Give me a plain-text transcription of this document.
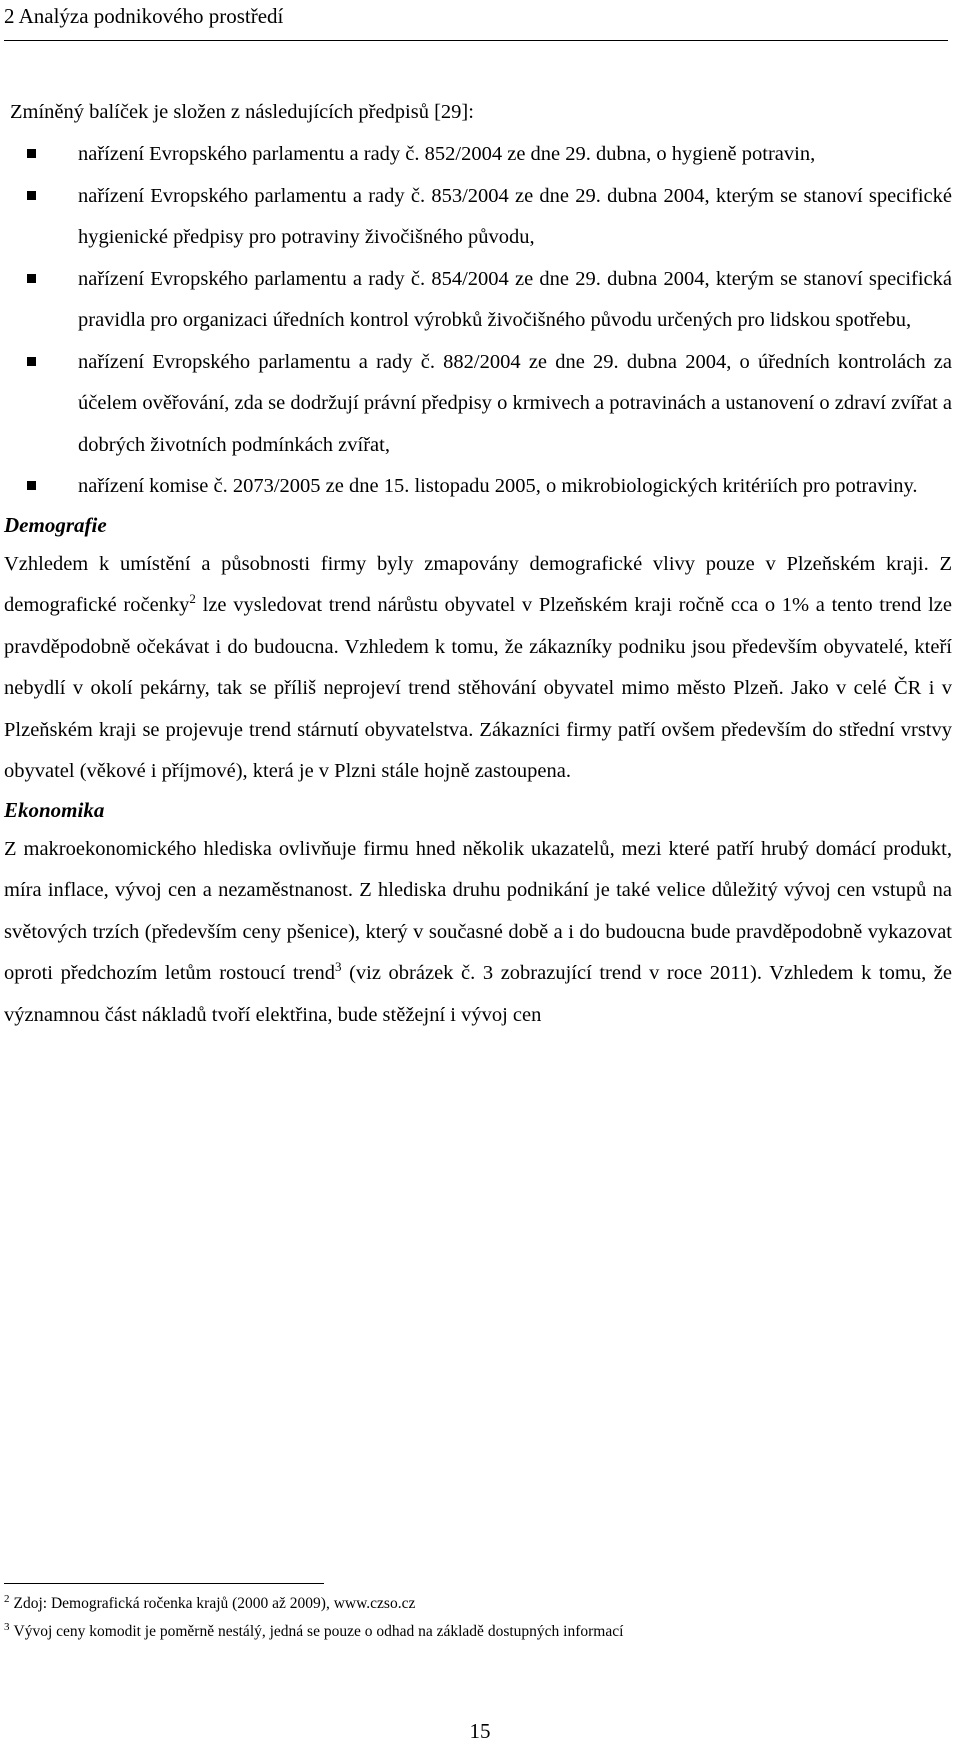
2 Analýza podnikového prostředí

Zmíněný balíček je složen z následujících předpisů [29]:

nařízení Evropského parlamentu a rady č. 852/2004 ze dne 29. dubna, o hygieně potravin,
nařízení Evropského parlamentu a rady č. 853/2004 ze dne 29. dubna 2004, kterým se stanoví specifické hygienické předpisy pro potraviny živočišného původu,
nařízení Evropského parlamentu a rady č. 854/2004 ze dne 29. dubna 2004, kterým se stanoví specifická pravidla pro organizaci úředních kontrol výrobků živočišného původu určených pro lidskou spotřebu,
nařízení Evropského parlamentu a rady č. 882/2004 ze dne 29. dubna 2004, o úředních kontrolách za účelem ověřování, zda se dodržují právní předpisy o krmivech a potravinách a ustanovení o zdraví zvířat a dobrých životních podmínkách zvířat,
nařízení komise č. 2073/2005 ze dne 15. listopadu 2005, o mikrobiologických kritériích pro potraviny.
Demografie

Vzhledem k umístění a působnosti firmy byly zmapovány demografické vlivy pouze v Plzeňském kraji. Z demografické ročenky$^2$ lze vysledovat trend nárůstu obyvatel v Plzeňském kraji ročně cca o 1% a tento trend lze pravděpodobně očekávat i do budoucna. Vzhledem k tomu, že zákazníky podniku jsou především obyvatelé, kteří nebydlí v okolí pekárny, tak se příliš neprojeví trend stěhování obyvatel mimo město Plzeň. Jako v celé ČR i v Plzeňském kraji se projevuje trend stárnutí obyvatelstva. Zákazníci firmy patří ovšem především do střední vrstvy obyvatel (věkové i příjmové), která je v Plzni stále hojně zastoupena.

Ekonomika

Z makroekonomického hlediska ovlivňuje firmu hned několik ukazatelů, mezi které patří hrubý domácí produkt, míra inflace, vývoj cen a nezaměstnanost. Z hlediska druhu podnikání je také velice důležitý vývoj cen vstupů na světových trzích (především ceny pšenice), který v současné době a i do budoucna bude pravděpodobně vykazovat oproti předchozím letům rostoucí trend$^3$ (viz obrázek č. 3 zobrazující trend v roce 2011). Vzhledem k tomu, že významnou část nákladů tvoří elektřina, bude stěžejní i vývoj cen

$^2$ Zdoj: Demografická ročenka krajů (2000 až 2009), www.czso.cz
$^3$ Vývoj ceny komodit je poměrně nestálý, jedná se pouze o odhad na základě dostupných informací
15
